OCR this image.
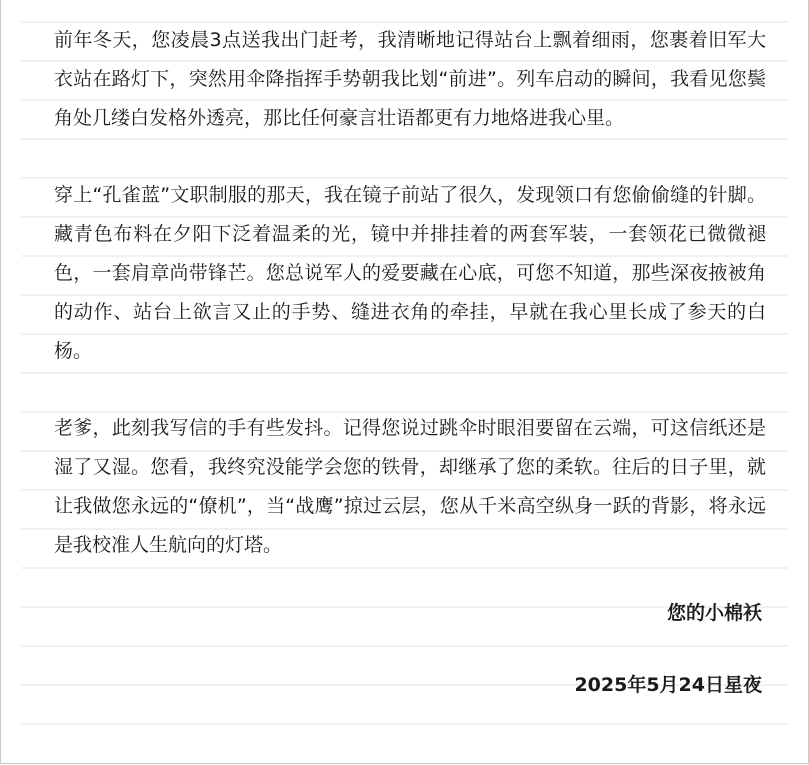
前年冬天，您凌晨3点送我出门赶考，我清晰地记得站台上飘着细雨，您裹着旧军大衣站在路灯下，突然用伞降指挥手势朝我比划“前进”。列车启动的瞬间，我看见您鬓角处几缕白发格外透亮，那比任何豪言壮语都更有力地烙进我心里。

穿上“孔雀蓝”文职制服的那天，我在镜子前站了很久，发现领口有您偷偷缝的针脚。藏青色布料在夕阳下泛着温柔的光，镜中并排挂着的两套军装，一套领花已微微褪色，一套肩章尚带锋芒。您总说军人的爱要藏在心底，可您不知道，那些深夜掖被角的动作、站台上欲言又止的手势、缝进衣角的牵挂，早就在我心里长成了参天的白杨。

老爹，此刻我写信的手有些发抖。记得您说过跳伞时眼泪要留在云端，可这信纸还是湿了又湿。您看，我终究没能学会您的铁骨，却继承了您的柔软。往后的日子里，就让我做您永远的“僚机”，当“战鹰”掠过云层，您从千米高空纵身一跃的背影，将永远是我校准人生航向的灯塔。

您的小棉袄
2025年5月24日星夜
